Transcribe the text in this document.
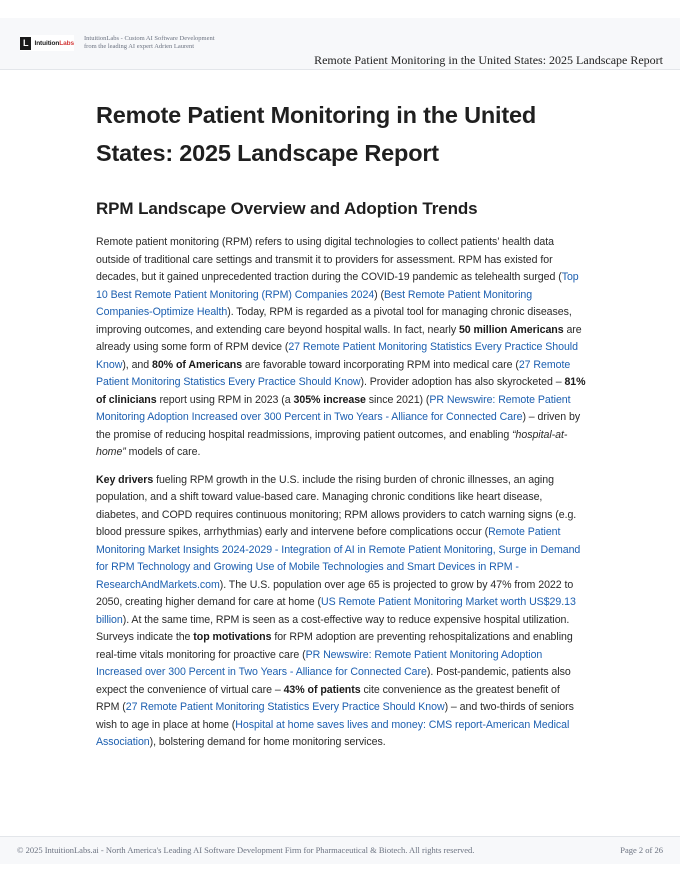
L IntuitionLabs
IntuitionLabs - Custom AI Software Development
from the leading AI expert Adrien Laurent
Remote Patient Monitoring in the United States: 2025 Landscape Report
Remote Patient Monitoring in the United States: 2025 Landscape Report
RPM Landscape Overview and Adoption Trends

Remote patient monitoring (RPM) refers to using digital technologies to collect patients’ health data outside of traditional care settings and transmit it to providers for assessment. RPM has existed for decades, but it gained unprecedented traction during the COVID-19 pandemic as telehealth surged (Top 10 Best Remote Patient Monitoring (RPM) Companies 2024) (Best Remote Patient Monitoring Companies-Optimize Health). Today, RPM is regarded as a pivotal tool for managing chronic diseases, improving outcomes, and extending care beyond hospital walls. In fact, nearly 50 million Americans are already using some form of RPM device (27 Remote Patient Monitoring Statistics Every Practice Should Know), and 80% of Americans are favorable toward incorporating RPM into medical care (27 Remote Patient Monitoring Statistics Every Practice Should Know). Provider adoption has also skyrocketed – 81% of clinicians report using RPM in 2023 (a 305% increase since 2021) (PR Newswire: Remote Patient Monitoring Adoption Increased over 300 Percent in Two Years - Alliance for Connected Care) – driven by the promise of reducing hospital readmissions, improving patient outcomes, and enabling “hospital-at-home” models of care.

Key drivers fueling RPM growth in the U.S. include the rising burden of chronic illnesses, an aging population, and a shift toward value-based care. Managing chronic conditions like heart disease, diabetes, and COPD requires continuous monitoring; RPM allows providers to catch warning signs (e.g. blood pressure spikes, arrhythmias) early and intervene before complications occur (Remote Patient Monitoring Market Insights 2024-2029 - Integration of AI in Remote Patient Monitoring, Surge in Demand for RPM Technology and Growing Use of Mobile Technologies and Smart Devices in RPM - ResearchAndMarkets.com). The U.S. population over age 65 is projected to grow by 47% from 2022 to 2050, creating higher demand for care at home (US Remote Patient Monitoring Market worth US$29.13 billion). At the same time, RPM is seen as a cost-effective way to reduce expensive hospital utilization. Surveys indicate the top motivations for RPM adoption are preventing rehospitalizations and enabling real-time vitals monitoring for proactive care (PR Newswire: Remote Patient Monitoring Adoption Increased over 300 Percent in Two Years - Alliance for Connected Care). Post-pandemic, patients also expect the convenience of virtual care – 43% of patients cite convenience as the greatest benefit of RPM (27 Remote Patient Monitoring Statistics Every Practice Should Know) – and two-thirds of seniors wish to age in place at home (Hospital at home saves lives and money: CMS report-American Medical Association), bolstering demand for home monitoring services.

© 2025 IntuitionLabs.ai - North America's Leading AI Software Development Firm for Pharmaceutical & Biotech. All rights reserved.	Page 2 of 26
